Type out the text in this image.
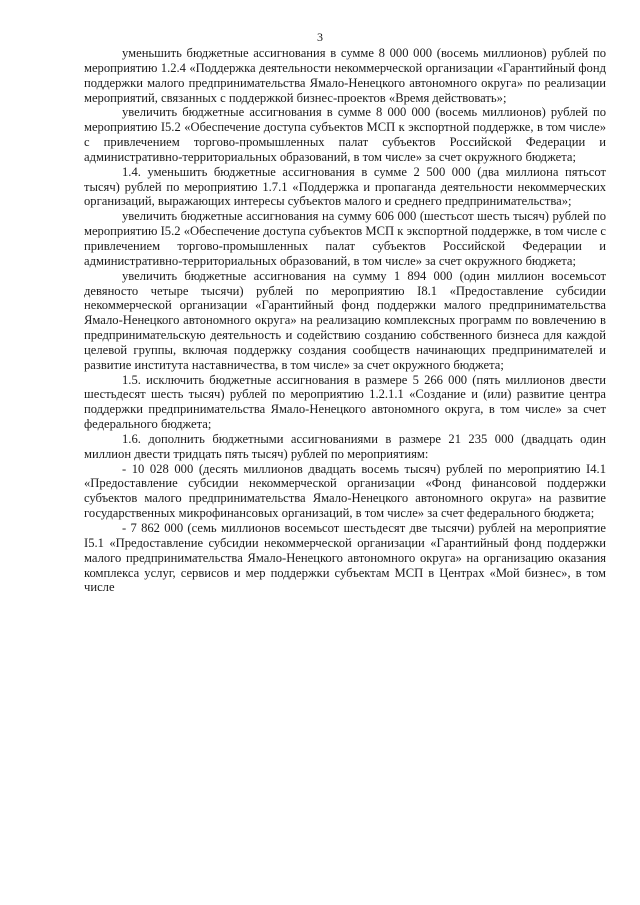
3

уменьшить бюджетные ассигнования в сумме 8 000 000 (восемь миллионов) рублей по мероприятию 1.2.4 «Поддержка деятельности некоммерческой организации «Гарантийный фонд поддержки малого предпринимательства Ямало-Ненецкого автономного округа» по реализации мероприятий, связанных с поддержкой бизнес-проектов «Время действовать»;

увеличить бюджетные ассигнования в сумме 8 000 000 (восемь миллионов) рублей по мероприятию I5.2 «Обеспечение доступа субъектов МСП к экспортной поддержке, в том числе» с привлечением торгово-промышленных палат субъектов Российской Федерации и административно-территориальных образований, в том числе» за счет окружного бюджета;

1.4. уменьшить бюджетные ассигнования в сумме 2 500 000 (два миллиона пятьсот тысяч) рублей по мероприятию 1.7.1 «Поддержка и пропаганда деятельности некоммерческих организаций, выражающих интересы субъектов малого и среднего предпринимательства»;

увеличить бюджетные ассигнования на сумму 606 000 (шестьсот шесть тысяч) рублей по мероприятию I5.2 «Обеспечение доступа субъектов МСП к экспортной поддержке, в том числе с привлечением торгово-промышленных палат субъектов Российской Федерации и административно-территориальных образований, в том числе» за счет окружного бюджета;

увеличить бюджетные ассигнования на сумму 1 894 000 (один миллион восемьсот девяносто четыре тысячи) рублей по мероприятию I8.1 «Предоставление субсидии некоммерческой организации «Гарантийный фонд поддержки малого предпринимательства Ямало-Ненецкого автономного округа» на реализацию комплексных программ по вовлечению в предпринимательскую деятельность и содействию созданию собственного бизнеса для каждой целевой группы, включая поддержку создания сообществ начинающих предпринимателей и развитие института наставничества, в том числе» за счет окружного бюджета;

1.5. исключить бюджетные ассигнования в размере 5 266 000 (пять миллионов двести шестьдесят шесть тысяч) рублей по мероприятию 1.2.1.1 «Создание и (или) развитие центра поддержки предпринимательства Ямало-Ненецкого автономного округа, в том числе» за счет федерального бюджета;

1.6. дополнить бюджетными ассигнованиями в размере 21 235 000 (двадцать один миллион двести тридцать пять тысяч) рублей по мероприятиям:

- 10 028 000 (десять миллионов двадцать восемь тысяч) рублей по мероприятию I4.1 «Предоставление субсидии некоммерческой организации «Фонд финансовой поддержки субъектов малого предпринимательства Ямало-Ненецкого автономного округа» на развитие государственных микрофинансовых организаций, в том числе» за счет федерального бюджета;

- 7 862 000 (семь миллионов восемьсот шестьдесят две тысячи) рублей на мероприятие I5.1 «Предоставление субсидии некоммерческой организации «Гарантийный фонд поддержки малого предпринимательства Ямало-Ненецкого автономного округа» на организацию оказания комплекса услуг, сервисов и мер поддержки субъектам МСП в Центрах «Мой бизнес», в том числе
